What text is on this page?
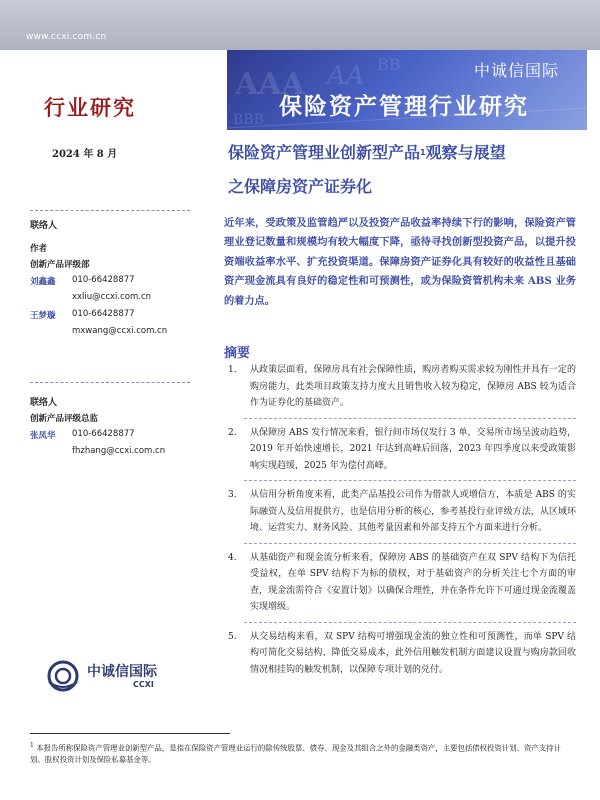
www.ccxi.com.cn
行业研究
AAA AA
BBB
BB	中诚信国际
保险资产管理行业研究
2024 年 8 月	保险资产管理业创新型产品$^1$观察与展望
之保障房资产证券化
联络人
作者
创新产品评级部
刘鑫鑫 010-66428877
xxliu@ccxi.com.cn
王梦璇 010-66428877
mxwang@ccxi.com.cn
联络人
创新产品评级总监
张凤华 010-66428877
fhzhang@ccxi.com.cn
近年来，受政策及监管趋严以及投资产品收益率持续下行的影响，保险资产管理业登记数量和规模均有较大幅度下降，亟待寻找创新型投资产品，以提升投资端收益率水平、扩充投资渠道。保障房资产证券化具有较好的收益性且基础资产现金流具有良好的稳定性和可预测性，或为保险资管机构未来 ABS 业务的着力点。
摘要
1. 从政策层面看，保障房具有社会保障性质，购房者购买需求较为刚性并具有一定的购房能力，此类项目政策支持力度大且销售收入较为稳定，保障房 ABS 较为适合作为证券化的基础资产。
2. 从保障房 ABS 发行情况来看，银行间市场仅发行 3 单，交易所市场呈波动趋势，2019 年开始快速增长，2021 年达到高峰后回落，2023 年四季度以来受政策影响实现趋缓，2025 年为偿付高峰。
3. 从信用分析角度来看，此类产品基投公司作为借款人或增信方，本质是 ABS 的实际融资人及信用提供方，也是信用分析的核心，参考基投行业评级方法，从区域环境、运营实力、财务风险、其他考量因素和外部支持五个方面来进行分析。
4. 从基础资产和现金流分析来看，保障房 ABS 的基础资产在双 SPV 结构下为信托受益权，在单 SPV 结构下为标的债权，对于基础资产的分析关注七个方面的审查，现金流需符合《安置计划》以确保合理性，并在条件允许下可通过现金流覆盖实现增级。
5. 从交易结构来看，双 SPV 结构可增强现金流的独立性和可预测性，而单 SPV 结构可简化交易结构、降低交易成本，此外信用触发机制方面建议设置与购房款回收情况相挂钩的触发机制，以保障专项计划的兑付。
中诚信国际
CCXI
$^1$ 本报告所称保险资产管理业创新型产品，是指在保险资产管理业运行的除传统股票、债券、现金及其组合之外的金融类资产，主要包括债权投资计划、资产支持计划、股权投资计划及保险私募基金等。
